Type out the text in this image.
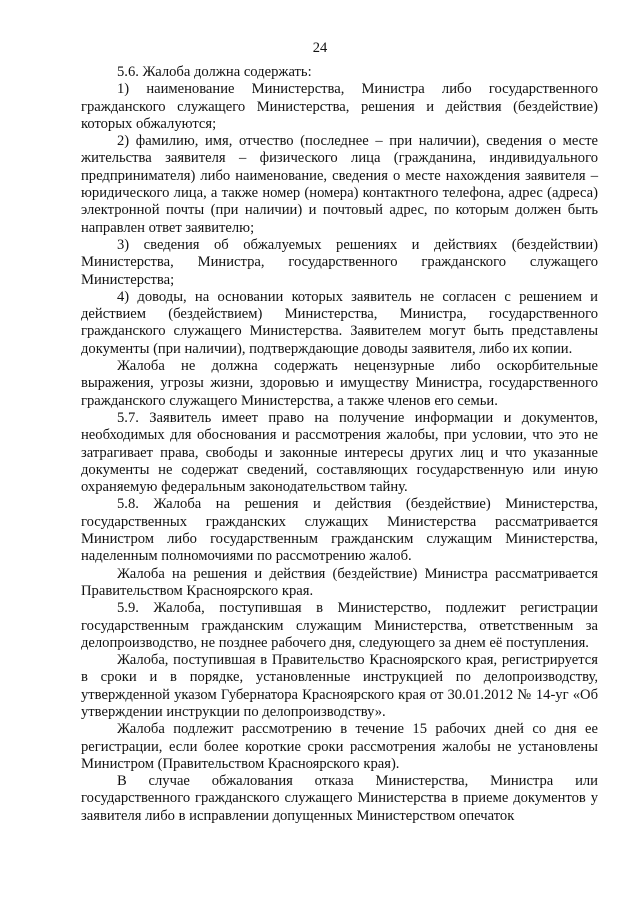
24

5.6. Жалоба должна содержать:

1) наименование Министерства, Министра либо государственного гражданского служащего Министерства, решения и действия (бездействие) которых обжалуются;

2) фамилию, имя, отчество (последнее – при наличии), сведения о месте жительства заявителя – физического лица (гражданина, индивидуального предпринимателя) либо наименование, сведения о месте нахождения заявителя – юридического лица, а также номер (номера) контактного телефона, адрес (адреса) электронной почты (при наличии) и почтовый адрес, по которым должен быть направлен ответ заявителю;

3) сведения об обжалуемых решениях и действиях (бездействии) Министерства, Министра, государственного гражданского служащего Министерства;

4) доводы, на основании которых заявитель не согласен с решением и действием (бездействием) Министерства, Министра, государственного гражданского служащего Министерства. Заявителем могут быть представлены документы (при наличии), подтверждающие доводы заявителя, либо их копии.

Жалоба не должна содержать нецензурные либо оскорбительные выражения, угрозы жизни, здоровью и имуществу Министра, государственного гражданского служащего Министерства, а также членов его семьи.

5.7. Заявитель имеет право на получение информации и документов, необходимых для обоснования и рассмотрения жалобы, при условии, что это не затрагивает права, свободы и законные интересы других лиц и что указанные документы не содержат сведений, составляющих государственную или иную охраняемую федеральным законодательством тайну.

5.8. Жалоба на решения и действия (бездействие) Министерства, государственных гражданских служащих Министерства рассматривается Министром либо государственным гражданским служащим Министерства, наделенным полномочиями по рассмотрению жалоб.

Жалоба на решения и действия (бездействие) Министра рассматривается Правительством Красноярского края.

5.9. Жалоба, поступившая в Министерство, подлежит регистрации государственным гражданским служащим Министерства, ответственным за делопроизводство, не позднее рабочего дня, следующего за днем её поступления.

Жалоба, поступившая в Правительство Красноярского края, регистрируется в сроки и в порядке, установленные инструкцией по делопроизводству, утвержденной указом Губернатора Красноярского края от 30.01.2012 № 14-уг «Об утверждении инструкции по делопроизводству».

Жалоба подлежит рассмотрению в течение 15 рабочих дней со дня ее регистрации, если более короткие сроки рассмотрения жалобы не установлены Министром (Правительством Красноярского края).

В случае обжалования отказа Министерства, Министра или государственного гражданского служащего Министерства в приеме документов у заявителя либо в исправлении допущенных Министерством опечаток
